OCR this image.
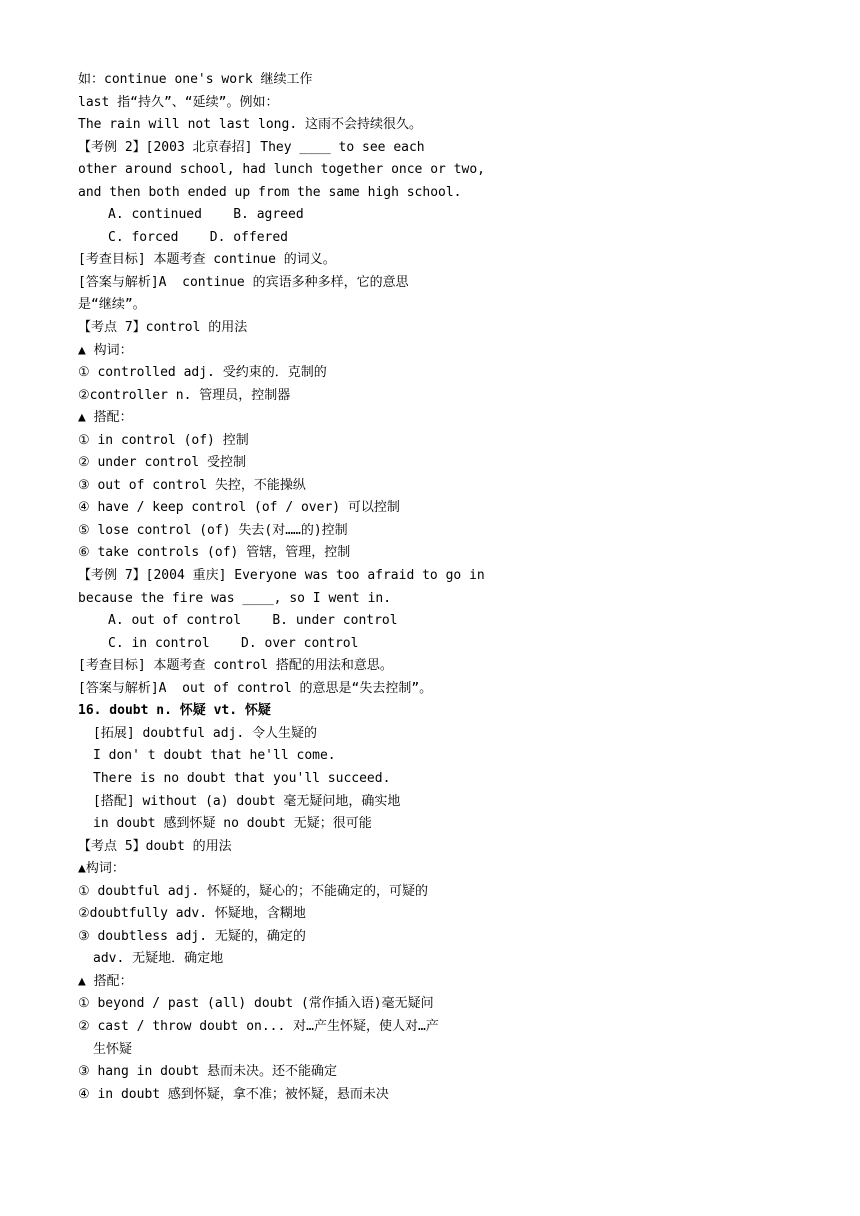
如：continue one's work 继续工作
last 指“持久”、“延续”。例如：
The rain will not last long. 这雨不会持续很久。
【考例 2】[2003 北京春招] They ____ to see each
other around school, had lunch together once or two,
and then both ended up from the same high school.
A. continued    B. agreed
C. forced    D. offered
[考查目标] 本题考查 continue 的词义。
[答案与解析]A  continue 的宾语多种多样，它的意思
是“继续”。
【考点 7】control 的用法
▲ 构词：
① controlled adj. 受约束的．克制的
②controller n. 管理员，控制器
▲ 搭配：
① in control (of) 控制
② under control 受控制
③ out of control 失控，不能操纵
④ have / keep control (of / over) 可以控制
⑤ lose control (of) 失去(对……的)控制
⑥ take controls (of) 管辖，管理，控制
【考例 7】[2004 重庆] Everyone was too afraid to go in
because the fire was ____, so I went in.
A. out of control    B. under control
C. in control    D. over control
[考查目标] 本题考查 control 搭配的用法和意思。
[答案与解析]A  out of control 的意思是“失去控制”。
16. doubt n. 怀疑 vt. 怀疑
[拓展] doubtful adj. 令人生疑的
I don' t doubt that he'll come.
There is no doubt that you'll succeed.
[搭配] without (a) doubt 毫无疑问地，确实地
in doubt 感到怀疑 no doubt 无疑；很可能
【考点 5】doubt 的用法
▲构词：
① doubtful adj. 怀疑的，疑心的；不能确定的，可疑的
②doubtfully adv. 怀疑地，含糊地
③ doubtless adj. 无疑的，确定的
adv. 无疑地．确定地
▲ 搭配：
① beyond / past (all) doubt (常作插入语)毫无疑问
② cast / throw doubt on... 对…产生怀疑，使人对…产
生怀疑
③ hang in doubt 悬而未决。还不能确定
④ in doubt 感到怀疑，拿不准；被怀疑，悬而未决
